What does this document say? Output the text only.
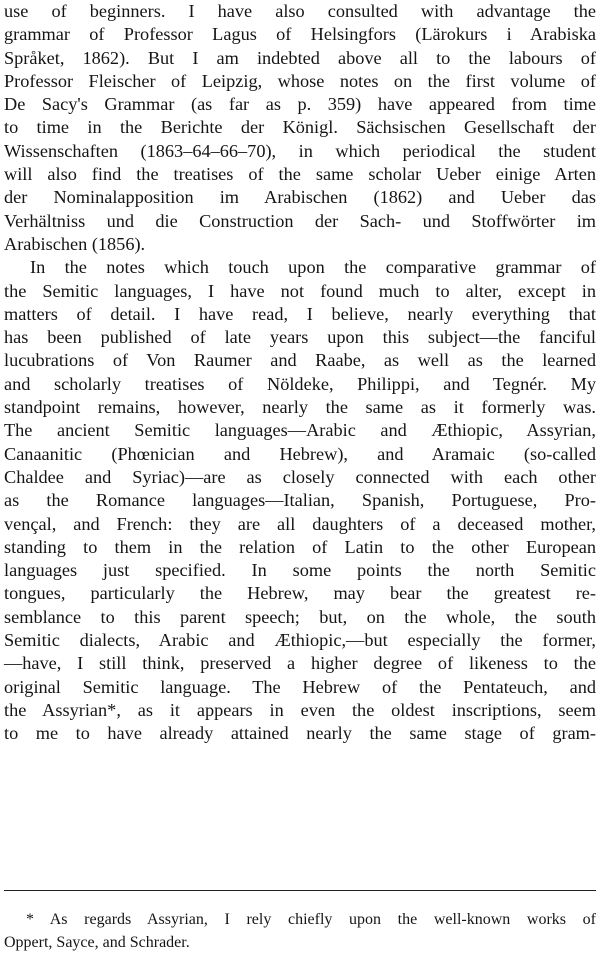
use of beginners. I have also consulted with advantage the
grammar of Professor Lagus of Helsingfors (Lärokurs i Arabiska
Språket, 1862). But I am indebted above all to the labours of
Professor Fleischer of Leipzig, whose notes on the first volume of
De Sacy's Grammar (as far as p. 359) have appeared from time
to time in the Berichte der Königl. Sächsischen Gesellschaft der
Wissenschaften (1863–64–66–70), in which periodical the student
will also find the treatises of the same scholar Ueber einige Arten
der Nominalapposition im Arabischen (1862) and Ueber das
Verhältniss und die Construction der Sach- und Stoffwörter im
Arabischen (1856).
In the notes which touch upon the comparative grammar of
the Semitic languages, I have not found much to alter, except in
matters of detail. I have read, I believe, nearly everything that
has been published of late years upon this subject—the fanciful
lucubrations of Von Raumer and Raabe, as well as the learned
and scholarly treatises of Nöldeke, Philippi, and Tegnér. My
standpoint remains, however, nearly the same as it formerly was.
The ancient Semitic languages—Arabic and Æthiopic, Assyrian,
Canaanitic (Phœnician and Hebrew), and Aramaic (so-called
Chaldee and Syriac)—are as closely connected with each other
as the Romance languages—Italian, Spanish, Portuguese, Pro-
vençal, and French: they are all daughters of a deceased mother,
standing to them in the relation of Latin to the other European
languages just specified. In some points the north Semitic
tongues, particularly the Hebrew, may bear the greatest re-
semblance to this parent speech; but, on the whole, the south
Semitic dialects, Arabic and Æthiopic,—but especially the former,
—have, I still think, preserved a higher degree of likeness to the
original Semitic language. The Hebrew of the Pentateuch, and
the Assyrian*, as it appears in even the oldest inscriptions, seem
to me to have already attained nearly the same stage of gram-
* As regards Assyrian, I rely chiefly upon the well-known works of
Oppert, Sayce, and Schrader.
